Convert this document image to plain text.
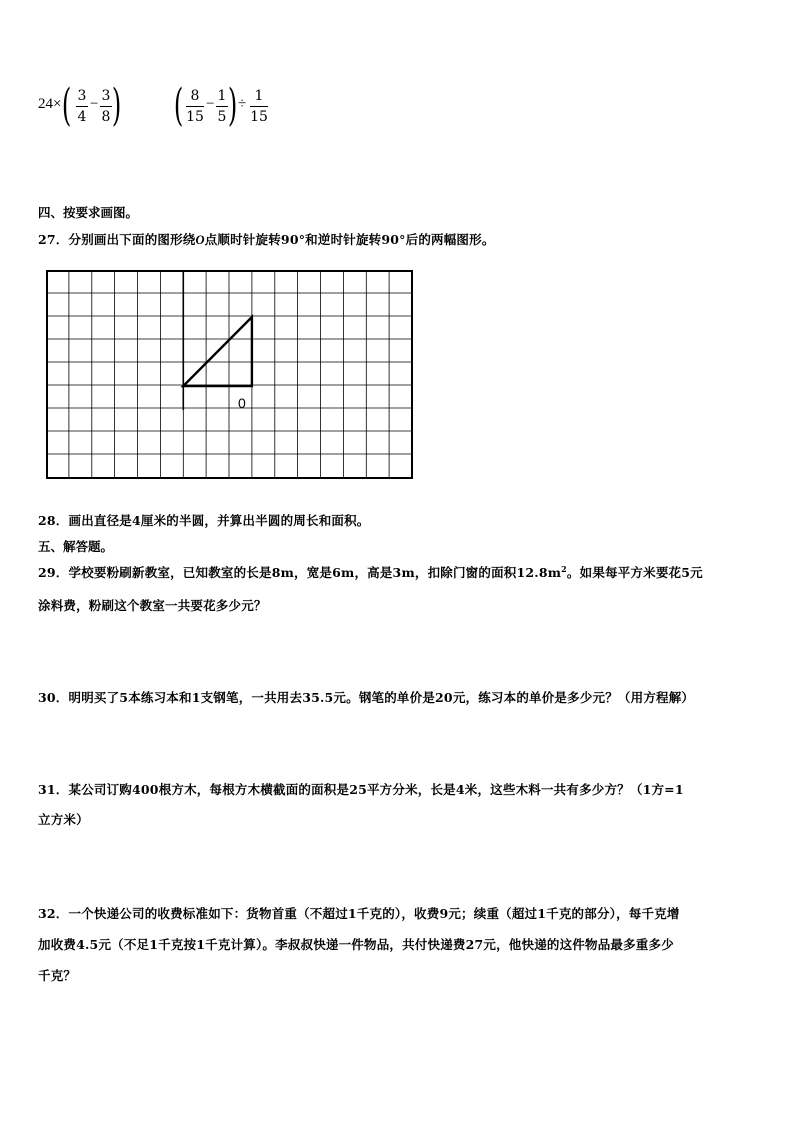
24× ( 3
4
− 3
8 ) ( 8
15
− 1
5 ) ÷ 1
15
四、按要求画图。
27．分别画出下面的图形绕O点顺时针旋转90°和逆时针旋转90°后的两幅图形。
0
28．画出直径是4厘米的半圆，并算出半圆的周长和面积。
五、解答题。
29．学校要粉刷新教室，已知教室的长是8m，宽是6m，高是3m，扣除门窗的面积$12.8m^2$。如果每平方米要花5元
涂料费，粉刷这个教室一共要花多少元？
30．明明买了5本练习本和1支钢笔，一共用去35.5元。钢笔的单价是20元，练习本的单价是多少元？（用方程解）
31．某公司订购400根方木，每根方木横截面的面积是25平方分米，长是4米，这些木料一共有多少方？（1方=1
立方米）
32．一个快递公司的收费标准如下：货物首重（不超过1千克的），收费9元；续重（超过1千克的部分），每千克增
加收费4.5元（不足1千克按1千克计算）。李叔叔快递一件物品，共付快递费27元，他快递的这件物品最多重多少
千克？
